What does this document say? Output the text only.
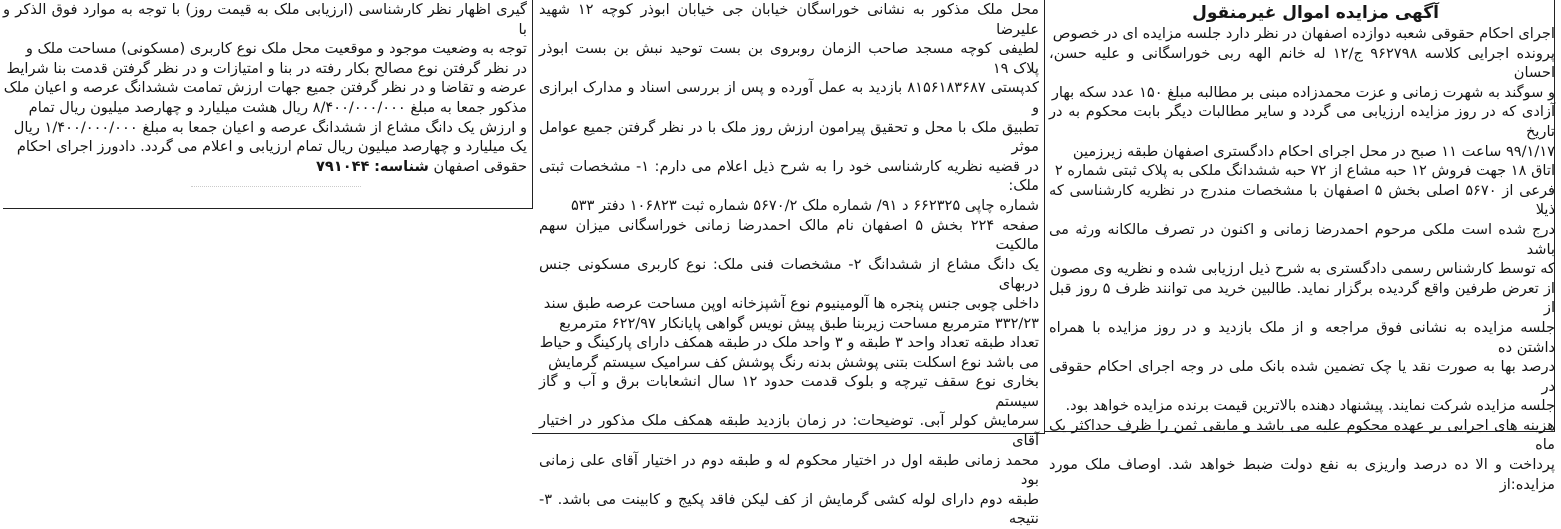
آگهی مزایده اموال غیرمنقول

اجرای احکام حقوقی شعبه دوازده اصفهان در نظر دارد جلسه مزایده ای در خصوص

پرونده اجرایی کلاسه ۹۶۲۷۹۸ ج/۱۲ له خانم الهه ربی خوراسگانی و علیه حسن، احسان

و سوگند به شهرت زمانی و عزت محمدزاده مبنی بر مطالبه مبلغ ۱۵۰ عدد سکه بهار

آزادی که در روز مزایده ارزیابی می گردد و سایر مطالبات دیگر بابت محکوم به در تاریخ

۹۹/۱/۱۷ ساعت ۱۱ صبح در محل اجرای احکام دادگستری اصفهان طبقه زیرزمین

اتاق ۱۸ جهت فروش ۱۲ حبه مشاع از ۷۲ حبه ششدانگ ملکی به پلاک ثبتی شماره ۲

فرعی از ۵۶۷۰ اصلی بخش ۵ اصفهان با مشخصات مندرج در نظریه کارشناسی که ذیلا

درج شده است ملکی مرحوم احمدرضا زمانی و اکنون در تصرف مالکانه ورثه می باشد

که توسط کارشناس رسمی دادگستری به شرح ذیل ارزیابی شده و نظریه وی مصون

از تعرض طرفین واقع گردیده برگزار نماید. طالبین خرید می توانند ظرف ۵ روز قبل از

جلسه مزایده به نشانی فوق مراجعه و از ملک بازدید و در روز مزایده با همراه داشتن ده

درصد بها به صورت نقد یا چک تضمین شده بانک ملی در وجه اجرای احکام حقوقی در

جلسه مزایده شرکت نمایند. پیشنهاد دهنده بالاترین قیمت برنده مزایده خواهد بود.

هزینه های اجرایی بر عهده محکوم علیه می باشد و مابقی ثمن را ظرف حداکثر یک ماه

پرداخت و الا ده درصد واریزی به نفع دولت ضبط خواهد شد. اوصاف ملک مورد مزایده:از

محل ملک مذکور به نشانی خوراسگان خیابان جی خیابان ابوذر کوچه ۱۲ شهید علیرضا

لطیفی کوچه مسجد صاحب الزمان روبروی بن بست توحید نبش بن بست ابوذر پلاک ۱۹

کدپستی ۸۱۵۶۱۸۳۶۸۷ بازدید به عمل آورده و پس از بررسی اسناد و مدارک ابرازی و

تطبیق ملک با محل و تحقیق پیرامون ارزش روز ملک با در نظر گرفتن جمیع عوامل موثر

در قضیه نظریه کارشناسی خود را به شرح ذیل اعلام می دارم: ۱- مشخصات ثبتی ملک:

شماره چاپی ۶۶۲۳۲۵ د ۹۱/ شماره ملک ۵۶۷۰/۲ شماره ثبت ۱۰۶۸۲۳ دفتر ۵۳۳

صفحه ۲۲۴ بخش ۵ اصفهان نام مالک احمدرضا زمانی خوراسگانی میزان سهم مالکیت

یک دانگ مشاع از ششدانگ ۲- مشخصات فنی ملک: نوع کاربری مسکونی جنس دربهای

داخلی چوبی جنس پنجره ها آلومینیوم نوع آشپزخانه اوپن مساحت عرصه طبق سند

۳۳۲/۲۳ مترمربع مساحت زیربنا طبق پیش نویس گواهی پایانکار ۶۲۲/۹۷ مترمربع

تعداد طبقه تعداد واحد ۳ طبقه و ۳ واحد ملک در طبقه همکف دارای پارکینگ و حیاط

می باشد نوع اسکلت بتنی پوشش بدنه رنگ پوشش کف سرامیک سیستم گرمایش

بخاری نوع سقف تیرچه و بلوک قدمت حدود ۱۲ سال انشعابات برق و آب و گاز سیستم

سرمایش کولر آبی. توضیحات: در زمان بازدید طبقه همکف ملک مذکور در اختیار آقای

محمد زمانی طبقه اول در اختیار محکوم له و طبقه دوم در اختیار آقای علی زمانی بود

طبقه دوم دارای لوله کشی گرمایش از کف لیکن فاقد پکیج و کابینت می باشد. ۳- نتیجه

گیری اظهار نظر کارشناسی (ارزیابی ملک به قیمت روز) با توجه به موارد فوق الذکر و با

توجه به وضعیت موجود و موقعیت محل ملک نوع کاربری (مسکونی) مساحت ملک و

در نظر گرفتن نوع مصالح بکار رفته در بنا و امتیازات و در نظر گرفتن قدمت بنا شرایط

عرضه و تقاضا و در نظر گرفتن جمیع جهات ارزش تمامت ششدانگ عرصه و اعیان ملک

مذکور جمعا به مبلغ ۸/۴۰۰/۰۰۰/۰۰۰ ریال هشت میلیارد و چهارصد میلیون ریال تمام

و ارزش یک دانگ مشاع از ششدانگ عرصه و اعیان جمعا به مبلغ ۱/۴۰۰/۰۰۰/۰۰۰ ریال

یک میلیارد و چهارصد میلیون ریال تمام ارزیابی و اعلام می گردد. دادورز اجرای احکام

حقوقی اصفهان شناسه: ۷۹۱۰۴۴
